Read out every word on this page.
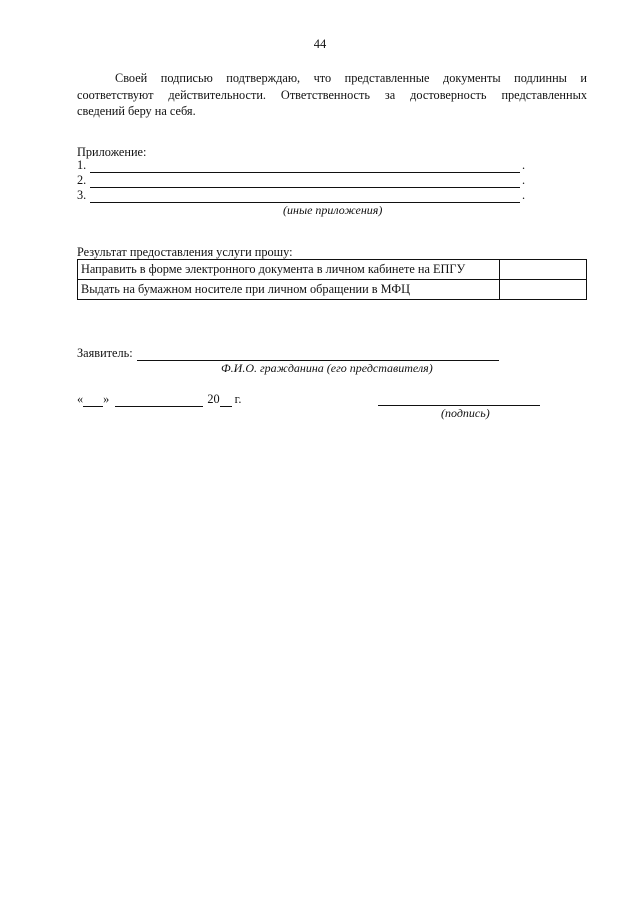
44
Своей подписью подтверждаю, что представленные документы подлинны и
соответствуют действительности. Ответственность за достоверность представленных
сведений беру на себя.
Приложение:
1.	.
2.	.
3.	.
(иные приложения)
Результат предоставления услуги прошу:
Направить в форме электронного документа в личном кабинете на ЕПГУ	
Выдать на бумажном носителе при личном обращении в МФЦ	
Заявитель:
Ф.И.О. гражданина (его представителя)
« »	20 г.
(подпись)
